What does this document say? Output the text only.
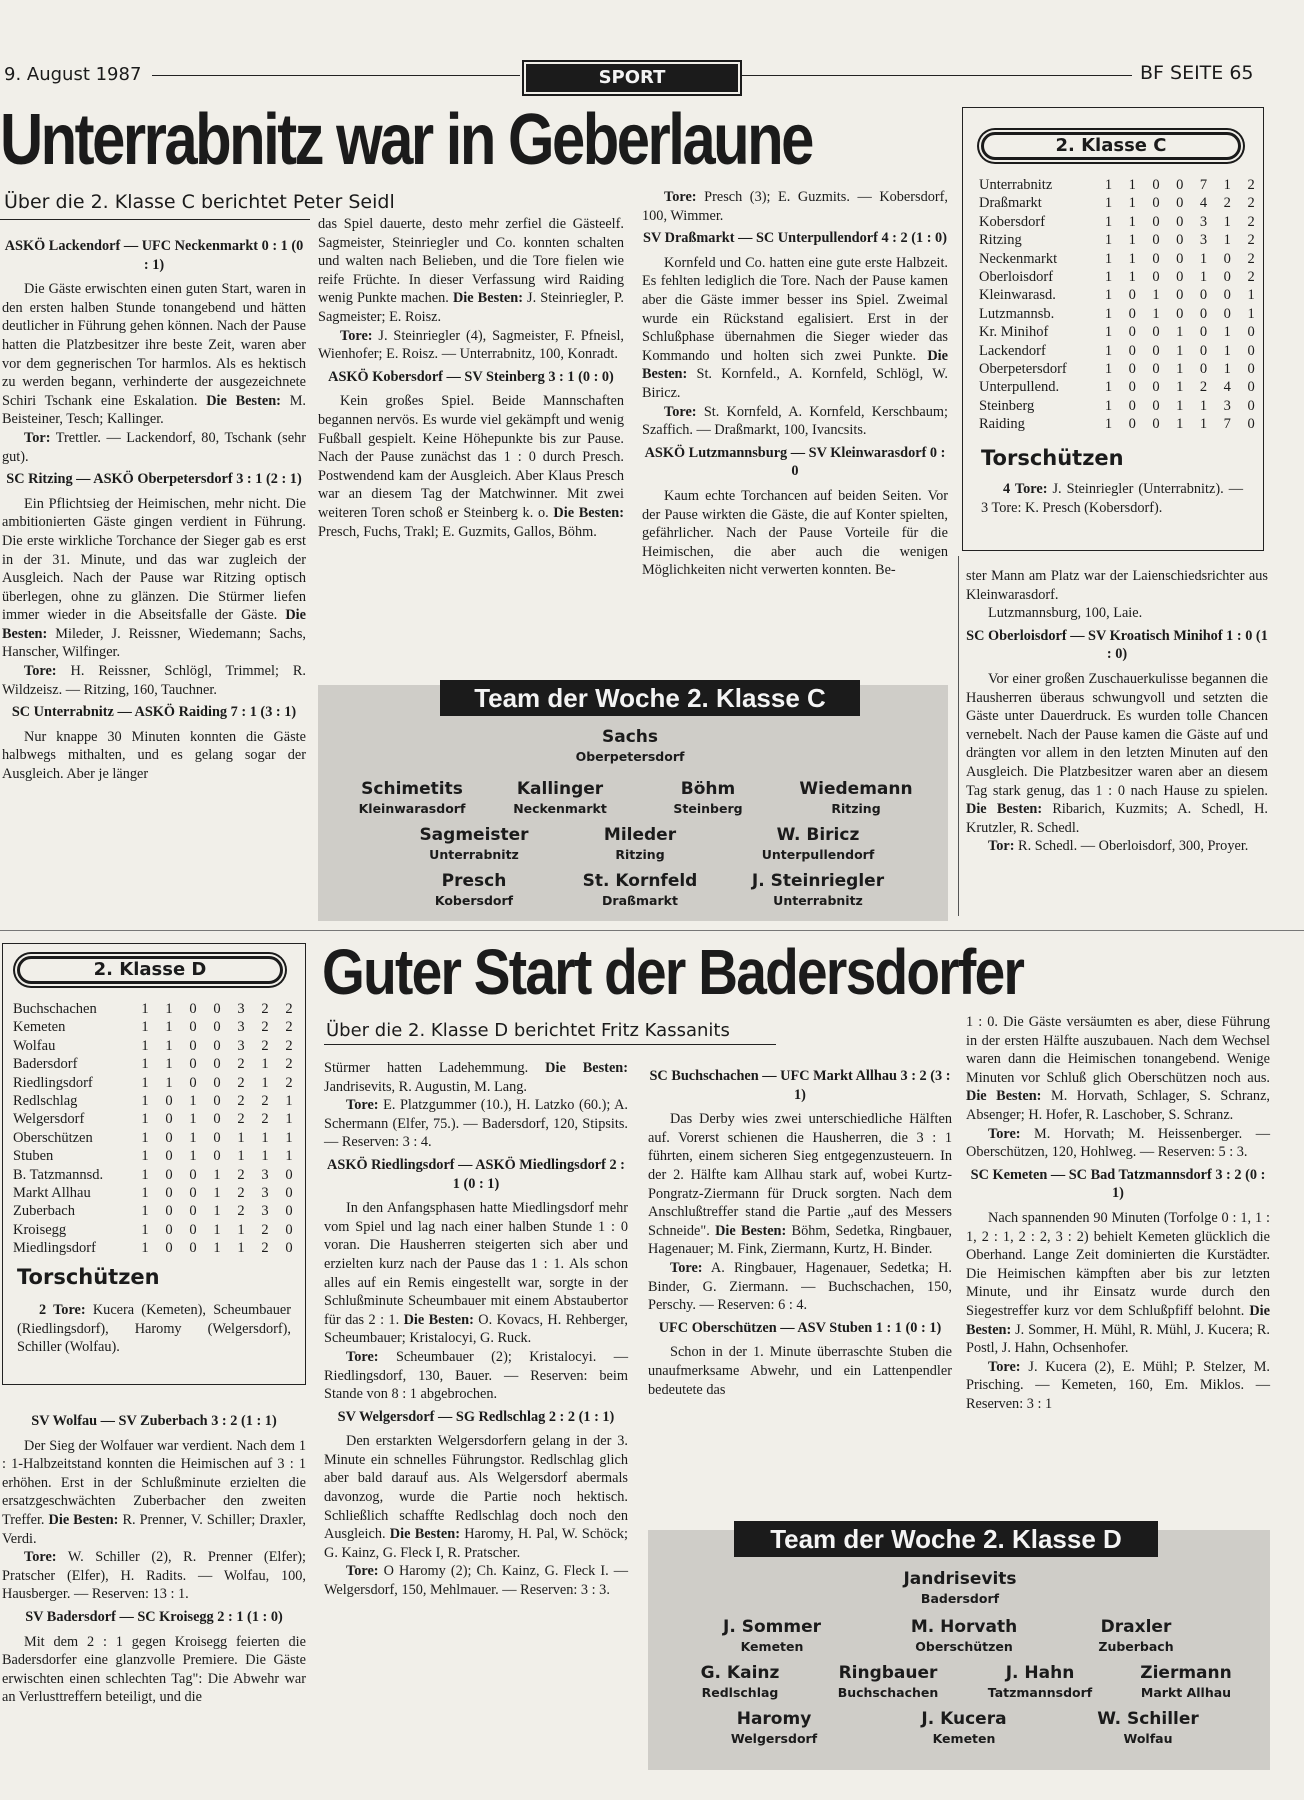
9. August 1987	SPORT	BF SEITE 65
Unterrabnitz war in Geberlaune
Über die 2. Klasse C berichtet Peter Seidl

ASKÖ Lackendorf — UFC Neckenmarkt 0 : 1 (0 : 1)

Die Gäste erwischten einen guten Start, waren in den ersten halben Stunde tonangebend und hätten deutlicher in Führung gehen können. Nach der Pause hatten die Platzbesitzer ihre beste Zeit, waren aber vor dem gegnerischen Tor harmlos. Als es hektisch zu werden begann, verhinderte der ausgezeichnete Schiri Tschank eine Eskalation. Die Besten: M. Beisteiner, Tesch; Kallinger.

Tor: Trettler. — Lackendorf, 80, Tschank (sehr gut).

SC Ritzing — ASKÖ Oberpetersdorf 3 : 1 (2 : 1)

Ein Pflichtsieg der Heimischen, mehr nicht. Die ambitionierten Gäste gingen verdient in Führung. Die erste wirkliche Torchance der Sieger gab es erst in der 31. Minute, und das war zugleich der Ausgleich. Nach der Pause war Ritzing optisch überlegen, ohne zu glänzen. Die Stürmer liefen immer wieder in die Abseitsfalle der Gäste. Die Besten: Mileder, J. Reissner, Wiedemann; Sachs, Hanscher, Wilfinger.

Tore: H. Reissner, Schlögl, Trimmel; R. Wildzeisz. — Ritzing, 160, Tauchner.

SC Unterrabnitz — ASKÖ Raiding 7 : 1 (3 : 1)

Nur knappe 30 Minuten konnten die Gäste halbwegs mithalten, und es gelang sogar der Ausgleich. Aber je länger

das Spiel dauerte, desto mehr zerfiel die Gästeelf. Sagmeister, Steinriegler und Co. konnten schalten und walten nach Belieben, und die Tore fielen wie reife Früchte. In dieser Verfassung wird Raiding wenig Punkte machen. Die Besten: J. Steinriegler, P. Sagmeister; E. Roisz.

Tore: J. Steinriegler (4), Sagmeister, F. Pfneisl, Wienhofer; E. Roisz. — Unterrabnitz, 100, Konradt.

ASKÖ Kobersdorf — SV Steinberg 3 : 1 (0 : 0)

Kein großes Spiel. Beide Mannschaften begannen nervös. Es wurde viel gekämpft und wenig Fußball gespielt. Keine Höhepunkte bis zur Pause. Nach der Pause zunächst das 1 : 0 durch Presch. Postwendend kam der Ausgleich. Aber Klaus Presch war an diesem Tag der Matchwinner. Mit zwei weiteren Toren schoß er Steinberg k. o. Die Besten: Presch, Fuchs, Trakl; E. Guzmits, Gallos, Böhm.

Tore: Presch (3); E. Guzmits. — Kobersdorf, 100, Wimmer.

SV Draßmarkt — SC Unterpullendorf 4 : 2 (1 : 0)

Kornfeld und Co. hatten eine gute erste Halbzeit. Es fehlten lediglich die Tore. Nach der Pause kamen aber die Gäste immer besser ins Spiel. Zweimal wurde ein Rückstand egalisiert. Erst in der Schlußphase übernahmen die Sieger wieder das Kommando und holten sich zwei Punkte. Die Besten: St. Kornfeld., A. Kornfeld, Schlögl, W. Biricz.

Tore: St. Kornfeld, A. Kornfeld, Kerschbaum; Szaffich. — Draßmarkt, 100, Ivancsits.

ASKÖ Lutzmannsburg — SV Kleinwarasdorf 0 : 0

Kaum echte Torchancen auf beiden Seiten. Vor der Pause wirkten die Gäste, die auf Konter spielten, gefährlicher. Nach der Pause Vorteile für die Heimischen, die aber auch die wenigen Möglichkeiten nicht verwerten konnten. Be-	ster Mann am Platz war der Laienschiedsrichter aus Kleinwarasdorf.

Lutzmannsburg, 100, Laie.

SC Oberloisdorf — SV Kroatisch Minihof 1 : 0 (1 : 0)

Vor einer großen Zuschauerkulisse begannen die Hausherren überaus schwungvoll und setzten die Gäste unter Dauerdruck. Es wurden tolle Chancen vernebelt. Nach der Pause kamen die Gäste auf und drängten vor allem in den letzten Minuten auf den Ausgleich. Die Platzbesitzer waren aber an diesem Tag stark genug, das 1 : 0 nach Hause zu spielen. Die Besten: Ribarich, Kuzmits; A. Schedl, H. Krutzler, R. Schedl.

Tor: R. Schedl. — Oberloisdorf, 300, Proyer.

2. Klasse C
Unterrabnitz	1	1	0	0	7	1	2
Draßmarkt	1	1	0	0	4	2	2
Kobersdorf	1	1	0	0	3	1	2
Ritzing	1	1	0	0	3	1	2
Neckenmarkt	1	1	0	0	1	0	2
Oberloisdorf	1	1	0	0	1	0	2
Kleinwarasd.	1	0	1	0	0	0	1
Lutzmannsb.	1	0	1	0	0	0	1
Kr. Minihof	1	0	0	1	0	1	0
Lackendorf	1	0	0	1	0	1	0
Oberpetersdorf	1	0	0	1	0	1	0
Unterpullend.	1	0	0	1	2	4	0
Steinberg	1	0	0	1	1	3	0
Raiding	1	0	0	1	1	7	0
Torschützen
4 Tore: J. Steinriegler (Unterrabnitz). — 3 Tore: K. Presch (Kobersdorf).
Team der Woche 2. Klasse C
Sachs
Oberpetersdorf
Schimetits
Kleinwarasdorf
Kallinger
Neckenmarkt
Böhm
Steinberg
Wiedemann
Ritzing
Sagmeister
Unterrabnitz
Mileder
Ritzing
W. Biricz
Unterpullendorf
Presch
Kobersdorf
St. Kornfeld
Draßmarkt
J. Steinriegler
Unterrabnitz
2. Klasse D
Buchschachen	1	1	0	0	3	2	2
Kemeten	1	1	0	0	3	2	2
Wolfau	1	1	0	0	3	2	2
Badersdorf	1	1	0	0	2	1	2
Riedlingsdorf	1	1	0	0	2	1	2
Redlschlag	1	0	1	0	2	2	1
Welgersdorf	1	0	1	0	2	2	1
Oberschützen	1	0	1	0	1	1	1
Stuben	1	0	1	0	1	1	1
B. Tatzmannsd.	1	0	0	1	2	3	0
Markt Allhau	1	0	0	1	2	3	0
Zuberbach	1	0	0	1	2	3	0
Kroisegg	1	0	0	1	1	2	0
Miedlingsdorf	1	0	0	1	1	2	0
Torschützen
2 Tore: Kucera (Kemeten), Scheumbauer (Riedlingsdorf), Haromy (Welgersdorf), Schiller (Wolfau).
Guter Start der Badersdorfer
Über die 2. Klasse D berichtet Fritz Kassanits

SV Wolfau — SV Zuberbach 3 : 2 (1 : 1)

Der Sieg der Wolfauer war verdient. Nach dem 1 : 1-Halbzeitstand konnten die Heimischen auf 3 : 1 erhöhen. Erst in der Schlußminute erzielten die ersatzgeschwächten Zuberbacher den zweiten Treffer. Die Besten: R. Prenner, V. Schiller; Draxler, Verdi.

Tore: W. Schiller (2), R. Prenner (Elfer); Pratscher (Elfer), H. Radits. — Wolfau, 100, Hausberger. — Reserven: 13 : 1.

SV Badersdorf — SC Kroisegg 2 : 1 (1 : 0)

Mit dem 2 : 1 gegen Kroisegg feierten die Badersdorfer eine glanzvolle Premiere. Die Gäste erwischten einen schlechten Tag": Die Abwehr war an Verlusttreffern beteiligt, und die

Stürmer hatten Ladehemmung. Die Besten: Jandrisevits, R. Augustin, M. Lang.

Tore: E. Platzgummer (10.), H. Latzko (60.); A. Schermann (Elfer, 75.). — Badersdorf, 120, Stipsits. — Reserven: 3 : 4.

ASKÖ Riedlingsdorf — ASKÖ Miedlingsdorf 2 : 1 (0 : 1)

In den Anfangsphasen hatte Miedlingsdorf mehr vom Spiel und lag nach einer halben Stunde 1 : 0 voran. Die Hausherren steigerten sich aber und erzielten kurz nach der Pause das 1 : 1. Als schon alles auf ein Remis eingestellt war, sorgte in der Schlußminute Scheumbauer mit einem Abstaubertor für das 2 : 1. Die Besten: O. Kovacs, H. Rehberger, Scheumbauer; Kristalocyi, G. Ruck.

Tore: Scheumbauer (2); Kristalocyi. — Riedlingsdorf, 130, Bauer. — Reserven: beim Stande von 8 : 1 abgebrochen.

SV Welgersdorf — SG Redlschlag 2 : 2 (1 : 1)

Den erstarkten Welgersdorfern gelang in der 3. Minute ein schnelles Führungstor. Redlschlag glich aber bald darauf aus. Als Welgersdorf abermals davonzog, wurde die Partie noch hektisch. Schließlich schaffte Redlschlag doch noch den Ausgleich. Die Besten: Haromy, H. Pal, W. Schöck; G. Kainz, G. Fleck I, R. Pratscher.

Tore: O Haromy (2); Ch. Kainz, G. Fleck I. — Welgersdorf, 150, Mehlmauer. — Reserven: 3 : 3.

SC Buchschachen — UFC Markt Allhau 3 : 2 (3 : 1)

Das Derby wies zwei unterschiedliche Hälften auf. Vorerst schienen die Hausherren, die 3 : 1 führten, einem sicheren Sieg entgegenzusteuern. In der 2. Hälfte kam Allhau stark auf, wobei Kurtz-Pongratz-Ziermann für Druck sorgten. Nach dem Anschlußtreffer stand die Partie „auf des Messers Schneide". Die Besten: Böhm, Sedetka, Ringbauer, Hagenauer; M. Fink, Ziermann, Kurtz, H. Binder.

Tore: A. Ringbauer, Hagenauer, Sedetka; H. Binder, G. Ziermann. — Buchschachen, 150, Perschy. — Reserven: 6 : 4.

UFC Oberschützen — ASV Stuben 1 : 1 (0 : 1)

Schon in der 1. Minute überraschte Stuben die unaufmerksame Abwehr, und ein Lattenpendler bedeutete das

1 : 0. Die Gäste versäumten es aber, diese Führung in der ersten Hälfte auszubauen. Nach dem Wechsel waren dann die Heimischen tonangebend. Wenige Minuten vor Schluß glich Oberschützen noch aus. Die Besten: M. Horvath, Schlager, S. Schranz, Absenger; H. Hofer, R. Laschober, S. Schranz.

Tore: M. Horvath; M. Heissenberger. — Oberschützen, 120, Hohlweg. — Reserven: 5 : 3.

SC Kemeten — SC Bad Tatzmannsdorf 3 : 2 (0 : 1)

Nach spannenden 90 Minuten (Torfolge 0 : 1, 1 : 1, 2 : 1, 2 : 2, 3 : 2) behielt Kemeten glücklich die Oberhand. Lange Zeit dominierten die Kurstädter. Die Heimischen kämpften aber bis zur letzten Minute, und ihr Einsatz wurde durch den Siegestreffer kurz vor dem Schlußpfiff belohnt. Die Besten: J. Sommer, H. Mühl, R. Mühl, J. Kucera; R. Postl, J. Hahn, Ochsenhofer.

Tore: J. Kucera (2), E. Mühl; P. Stelzer, M. Prisching. — Kemeten, 160, Em. Miklos. — Reserven: 3 : 1

Team der Woche 2. Klasse D
Jandrisevits
Badersdorf
J. Sommer
Kemeten
M. Horvath
Oberschützen
Draxler
Zuberbach
G. Kainz
Redlschlag
Ringbauer
Buchschachen
J. Hahn
Tatzmannsdorf
Ziermann
Markt Allhau
Haromy
Welgersdorf
J. Kucera
Kemeten
W. Schiller
Wolfau
